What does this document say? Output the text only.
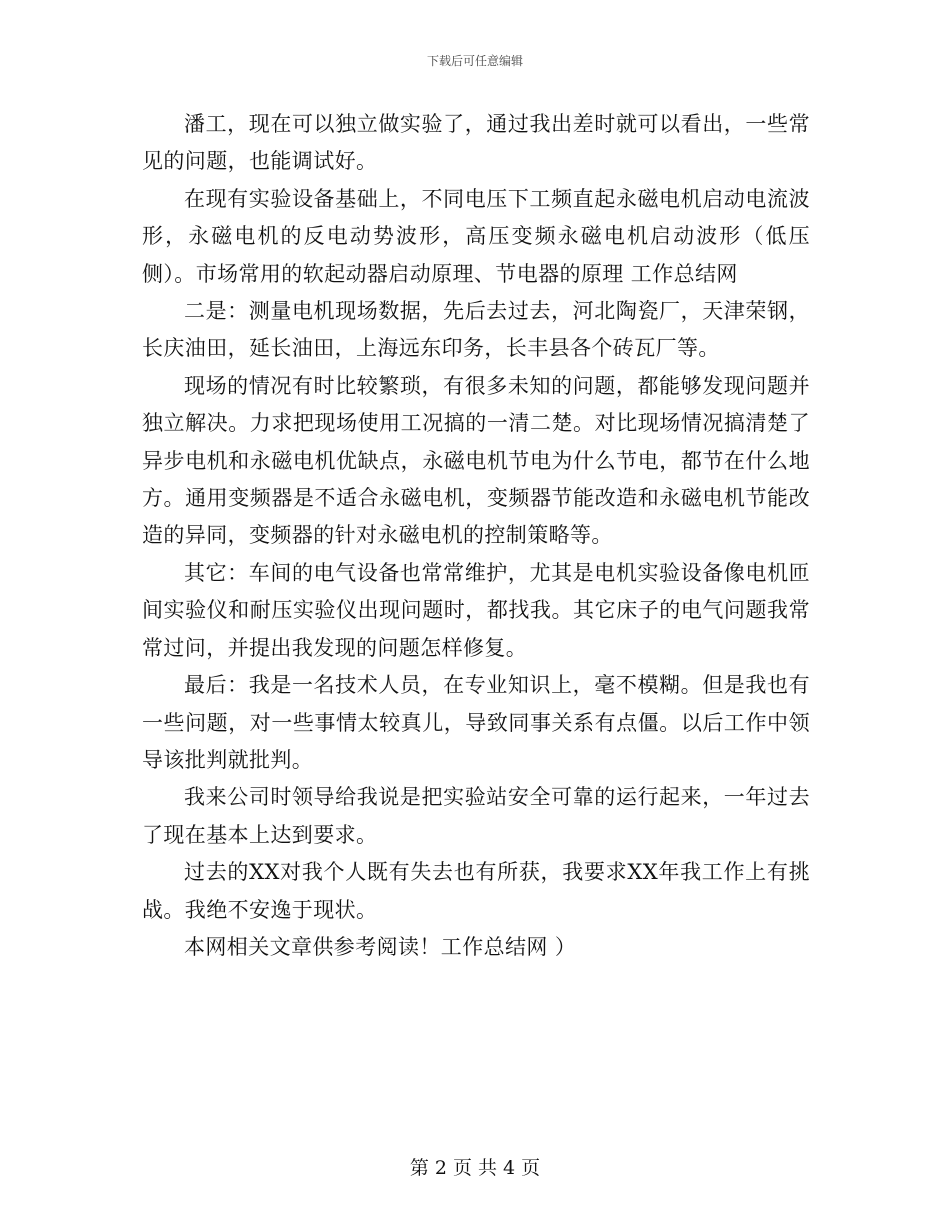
下载后可任意编辑

潘工，现在可以独立做实验了，通过我出差时就可以看出，一些常见的问题，也能调试好。

在现有实验设备基础上，不同电压下工频直起永磁电机启动电流波形，永磁电机的反电动势波形，高压变频永磁电机启动波形（低压侧）。市场常用的软起动器启动原理、节电器的原理 工作总结网

二是：测量电机现场数据，先后去过去，河北陶瓷厂，天津荣钢，长庆油田，延长油田，上海远东印务，长丰县各个砖瓦厂等。

现场的情况有时比较繁琐，有很多未知的问题，都能够发现问题并独立解决。力求把现场使用工况搞的一清二楚。对比现场情况搞清楚了异步电机和永磁电机优缺点，永磁电机节电为什么节电，都节在什么地方。通用变频器是不适合永磁电机，变频器节能改造和永磁电机节能改造的异同，变频器的针对永磁电机的控制策略等。

其它：车间的电气设备也常常维护，尤其是电机实验设备像电机匝间实验仪和耐压实验仪出现问题时，都找我。其它床子的电气问题我常常过问，并提出我发现的问题怎样修复。

最后：我是一名技术人员，在专业知识上，毫不模糊。但是我也有一些问题，对一些事情太较真儿，导致同事关系有点僵。以后工作中领导该批判就批判。

我来公司时领导给我说是把实验站安全可靠的运行起来，一年过去了现在基本上达到要求。

过去的XX对我个人既有失去也有所获，我要求XX年我工作上有挑战。我绝不安逸于现状。

本网相关文章供参考阅读！工作总结网 ）

第 2 页 共 4 页
